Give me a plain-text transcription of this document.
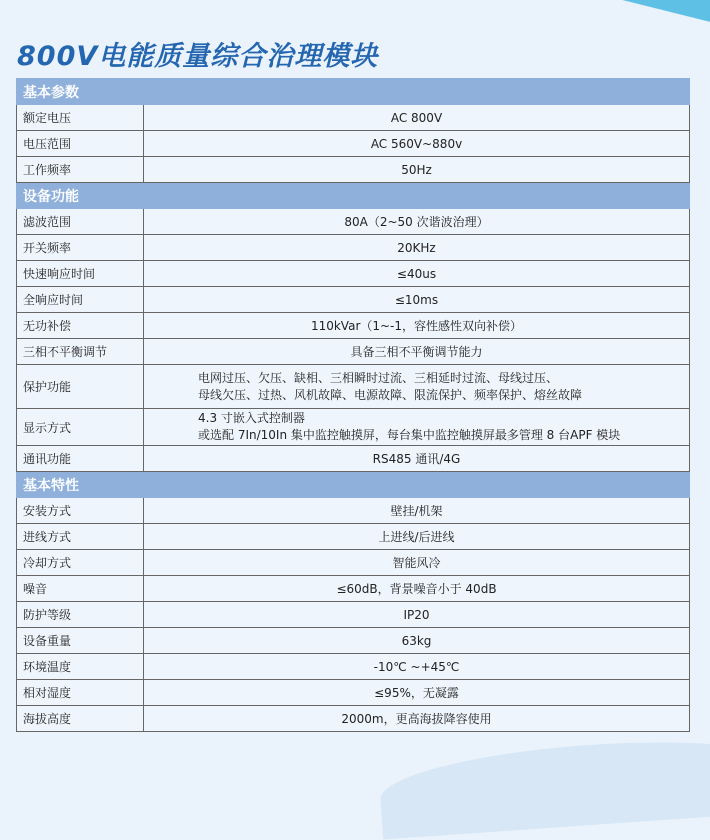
800V电能质量综合治理模块
基本参数	
额定电压	AC 800V
电压范围	AC 560V~880v
工作频率	50Hz
设备功能	
滤波范围	80A（2~50 次谐波治理）
开关频率	20KHz
快速响应时间	≤40us
全响应时间	≤10ms
无功补偿	110kVar（1~-1，容性感性双向补偿）
三相不平衡调节	具备三相不平衡调节能力
保护功能	电网过压、欠压、缺相、三相瞬时过流、三相延时过流、母线过压、
母线欠压、过热、风机故障、电源故障、限流保护、频率保护、熔丝故障

显示方式	4.3 寸嵌入式控制器
或选配 7In/10In 集中监控触摸屏，每台集中监控触摸屏最多管理 8 台APF 模块

通讯功能	RS485 通讯/4G
基本特性	
安装方式	壁挂/机架
进线方式	上进线/后进线
冷却方式	智能风冷
噪音	≤60dB，背景噪音小于 40dB
防护等级	IP20
设备重量	63kg
环境温度	-10℃ ~+45℃
相对湿度	≤95%，无凝露
海拔高度	2000m，更高海拔降容使用
